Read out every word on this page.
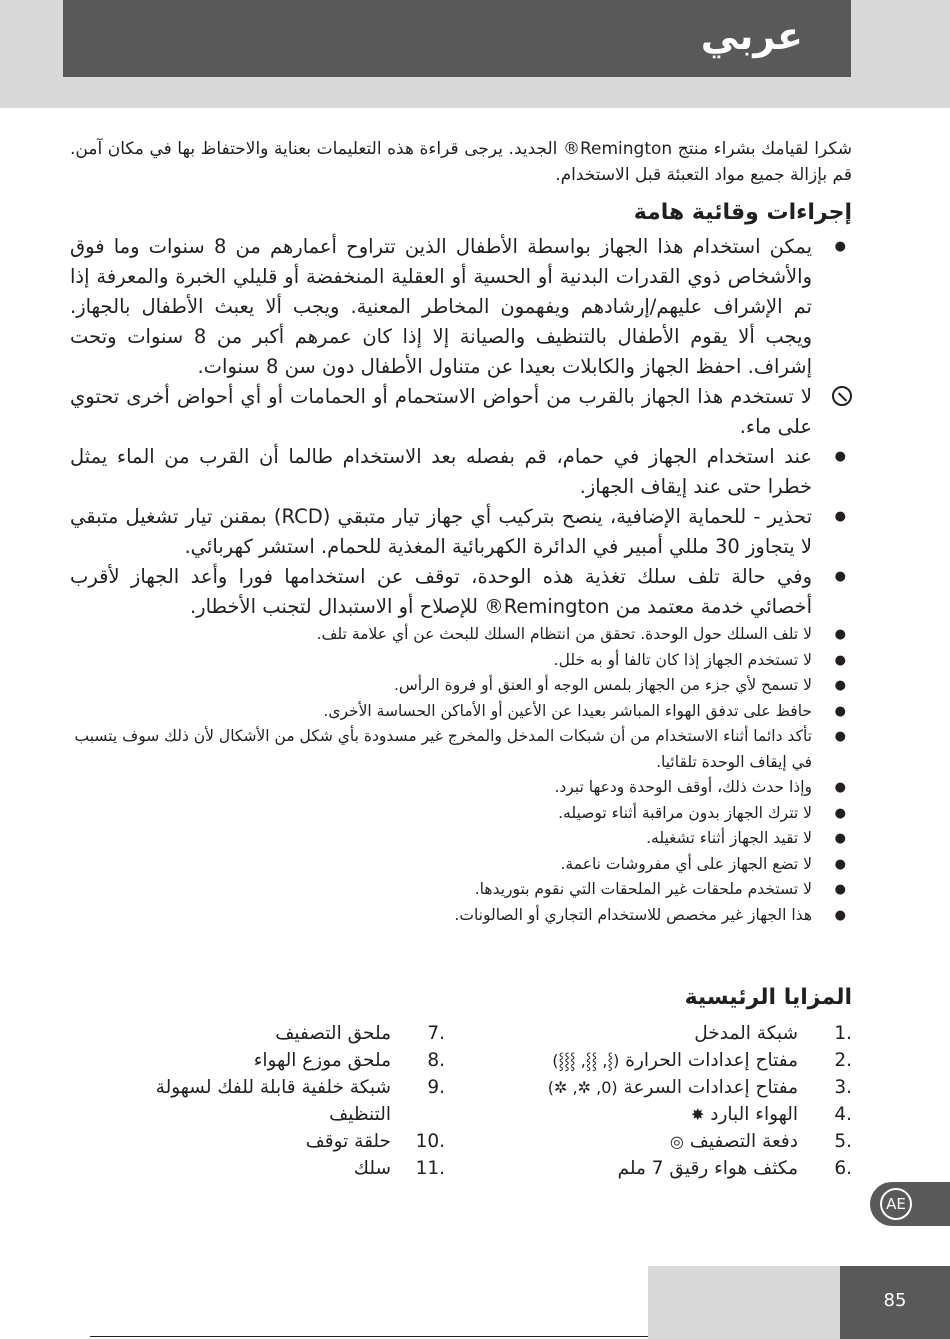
عربي

شكرا لقيامك بشراء منتج Remington® الجديد. يرجى قراءة هذه التعليمات بعناية والاحتفاظ بها في مكان آمن. قم بإزالة جميع مواد التعبئة قبل الاستخدام.

إجراءات وقائية هامة
●
يمكن استخدام هذا الجهاز بواسطة الأطفال الذين تتراوح أعمارهم من 8 سنوات وما فوق والأشخاص ذوي القدرات البدنية أو الحسية أو العقلية المنخفضة أو قليلي الخبرة والمعرفة إذا تم الإشراف عليهم/إرشادهم ويفهمون المخاطر المعنية. ويجب ألا يعبث الأطفال بالجهاز. ويجب ألا يقوم الأطفال بالتنظيف والصيانة إلا إذا كان عمرهم أكبر من 8 سنوات وتحت إشراف. احفظ الجهاز والكابلات بعيدا عن متناول الأطفال دون سن 8 سنوات.
لا تستخدم هذا الجهاز بالقرب من أحواض الاستحمام أو الحمامات أو أي أحواض أخرى تحتوي على ماء.
●
عند استخدام الجهاز في حمام، قم بفصله بعد الاستخدام طالما أن القرب من الماء يمثل خطرا حتى عند إيقاف الجهاز.
●
تحذير - للحماية الإضافية، ينصح بتركيب أي جهاز تيار متبقي (RCD) بمقنن تيار تشغيل متبقي لا يتجاوز 30 مللي أمبير في الدائرة الكهربائية المغذية للحمام. استشر كهربائي.
●
وفي حالة تلف سلك تغذية هذه الوحدة، توقف عن استخدامها فورا وأعد الجهاز لأقرب أخصائي خدمة معتمد من Remington® للإصلاح أو الاستبدال لتجنب الأخطار.
●
لا تلف السلك حول الوحدة. تحقق من انتظام السلك للبحث عن أي علامة تلف.
●
لا تستخدم الجهاز إذا كان تالفا أو به خلل.
●
لا تسمح لأي جزء من الجهاز بلمس الوجه أو العنق أو فروة الرأس.
●
حافظ على تدفق الهواء المباشر بعيدا عن الأعين أو الأماكن الحساسة الأخرى.
●
تأكد دائما أثناء الاستخدام من أن شبكات المدخل والمخرج غير مسدودة بأي شكل من الأشكال لأن ذلك سوف يتسبب في إيقاف الوحدة تلقائيا.
●
وإذا حدث ذلك، أوقف الوحدة ودعها تبرد.
●
لا تترك الجهاز بدون مراقبة أثناء توصيله.
●
لا تقيد الجهاز أثناء تشغيله.
●
لا تضع الجهاز على أي مفروشات ناعمة.
●
لا تستخدم ملحقات غير الملحقات التي نقوم بتوريدها.
●
هذا الجهاز غير مخصص للاستخدام التجاري أو الصالونات.
المزايا الرئيسية
.1
شبكة المدخل
.2
مفتاح إعدادات الحرارة

(⸾, ⸾⸾, ⸾⸾⸾)
.3
مفتاح إعدادات السرعة

(0, ✲, ✲)
.4
الهواء البارد

✸
.5
دفعة التصفيف

◎
.6
مكثف هواء رقيق 7 ملم
.7
ملحق التصفيف
.8
ملحق موزع الهواء
.9
شبكة خلفية قابلة للفك لسهولة التنظيف
.10
حلقة توقف
.11
سلك
AE
85
